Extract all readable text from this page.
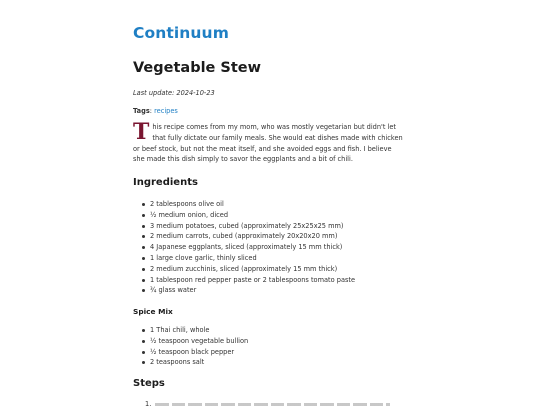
Continuum
Vegetable Stew

Last update: 2024-10-23

Tags: recipes

This recipe comes from my mom, who was mostly vegetarian but didn't let that fully dictate our family meals. She would eat dishes made with chicken or beef stock, but not the meat itself, and she avoided eggs and fish. I believe she made this dish simply to savor the eggplants and a bit of chili.

Ingredients
2 tablespoons olive oil
½ medium onion, diced
3 medium potatoes, cubed (approximately 25x25x25 mm)
2 medium carrots, cubed (approximately 20x20x20 mm)
4 Japanese eggplants, sliced (approximately 15 mm thick)
1 large clove garlic, thinly sliced
2 medium zucchinis, sliced (approximately 15 mm thick)
1 tablespoon red pepper paste or 2 tablespoons tomato paste
¾ glass water
Spice Mix
1 Thai chili, whole
½ teaspoon vegetable bullion
½ teaspoon black pepper
2 teaspoons salt
Steps
1.
